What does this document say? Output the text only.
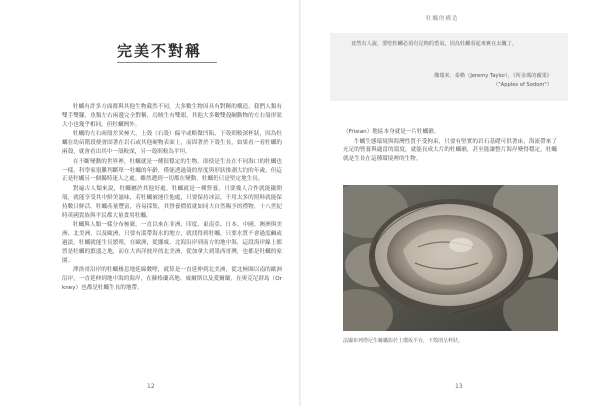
完美不對稱

牡蠣有許多方面都與其他生物截然不同，大多數生物因具有對稱的構造，我們人類有雙手雙腳，魚類左右兩邊完全對稱，烏賊生有雙眼，其他大多數雙殼綱動物的左右殼形狀大小也幾乎相同，但牡蠣例外。

牡蠣的左右兩殼差異極大，上殼（右殼）偏平或略微凹陷，下殼則較深杯狀，因為牡蠣在幼苗階段便會固著在岩石或其他硬物表面上，而固著於下殼生長，如果看一看牡蠣的兩殼，就會看出其中一殼較深，另一殼則較為平坦。

在不斷變動的世界裡，牡蠣就是一種很穩定的生物，即使是生長在不同海口的牡蠣也一樣，科學家很難判斷單一牡蠣的年齡，僅能透過殼的厚度與形狀推測大約的年歲，但這正是牡蠣另一個獨特迷人之處。雖然遭到一切都在變動，牡蠣仍只是堅定地生長。

對遍古人類來說，牡蠣屬於其他好處，牡蠣就是一種營養，只要幾人合作就能撬開殼，就能享受其中鮮美滋味，若牡蠣被運往他處，只要保持冰涼，不用太多的照料就能保持數日鮮活。牡蠣產量豐富，容易採集，其營養價值就如同大自然賜予的禮物，十八世紀時英國貴族與平民都大量食用牡蠣。

牡蠣與人類一樣分布極廣，一直以來在非洲、印度、東南亞、日本、中國、澳洲與美洲、北美洲，以及歐洲，只要有溫帶海水的地方，就找得到牡蠣，只要水質不會過度鹹或過淡，牡蠣就能生長繁殖，在歐洲，從挪威、北海沿岸到南方的地中海，這段海岸線上都曾是牡蠣的繁盛之地，而在大西洋彼岸的北美洲，從加拿大到墨西哥灣，也都是牡蠣的家園。

澤洛哥沿岸的牡蠣棲息地延綿數哩，就算是一直延伸到北美洲，從北極圈以南的歐洲沿岸，一直延伸到地中海的海岸，在蘇格蘭高地、威爾斯以及愛爾蘭，在奧克尼群島（Orkney）也都是牡蠣生長的地帶。

12
牡蠣的構造
竟然有人說，要吃牡蠣必須有足夠的勇氣，因為牡蠣看起來實在太醜了。
傑瑞米．泰勒（Jeremy Taylor），《所多瑪的蘋果》
（"Apples of Sodom"）

（Frisian）地區本身就是一片牡蠣礁。

牛蠣生態環境與海灣性質不受拘束，只要有堅實的岩石基礎可供著床，海流帶來了充足的營養與適當的溫度，就能長成大片的牡蠣礁，甚至能讓整片海岸變得穩定，牡蠣就是生長在這種環境裡的生物。

法國布列塔尼生蠔攝影於上環坂平台，下殼則呈杯狀。
13
